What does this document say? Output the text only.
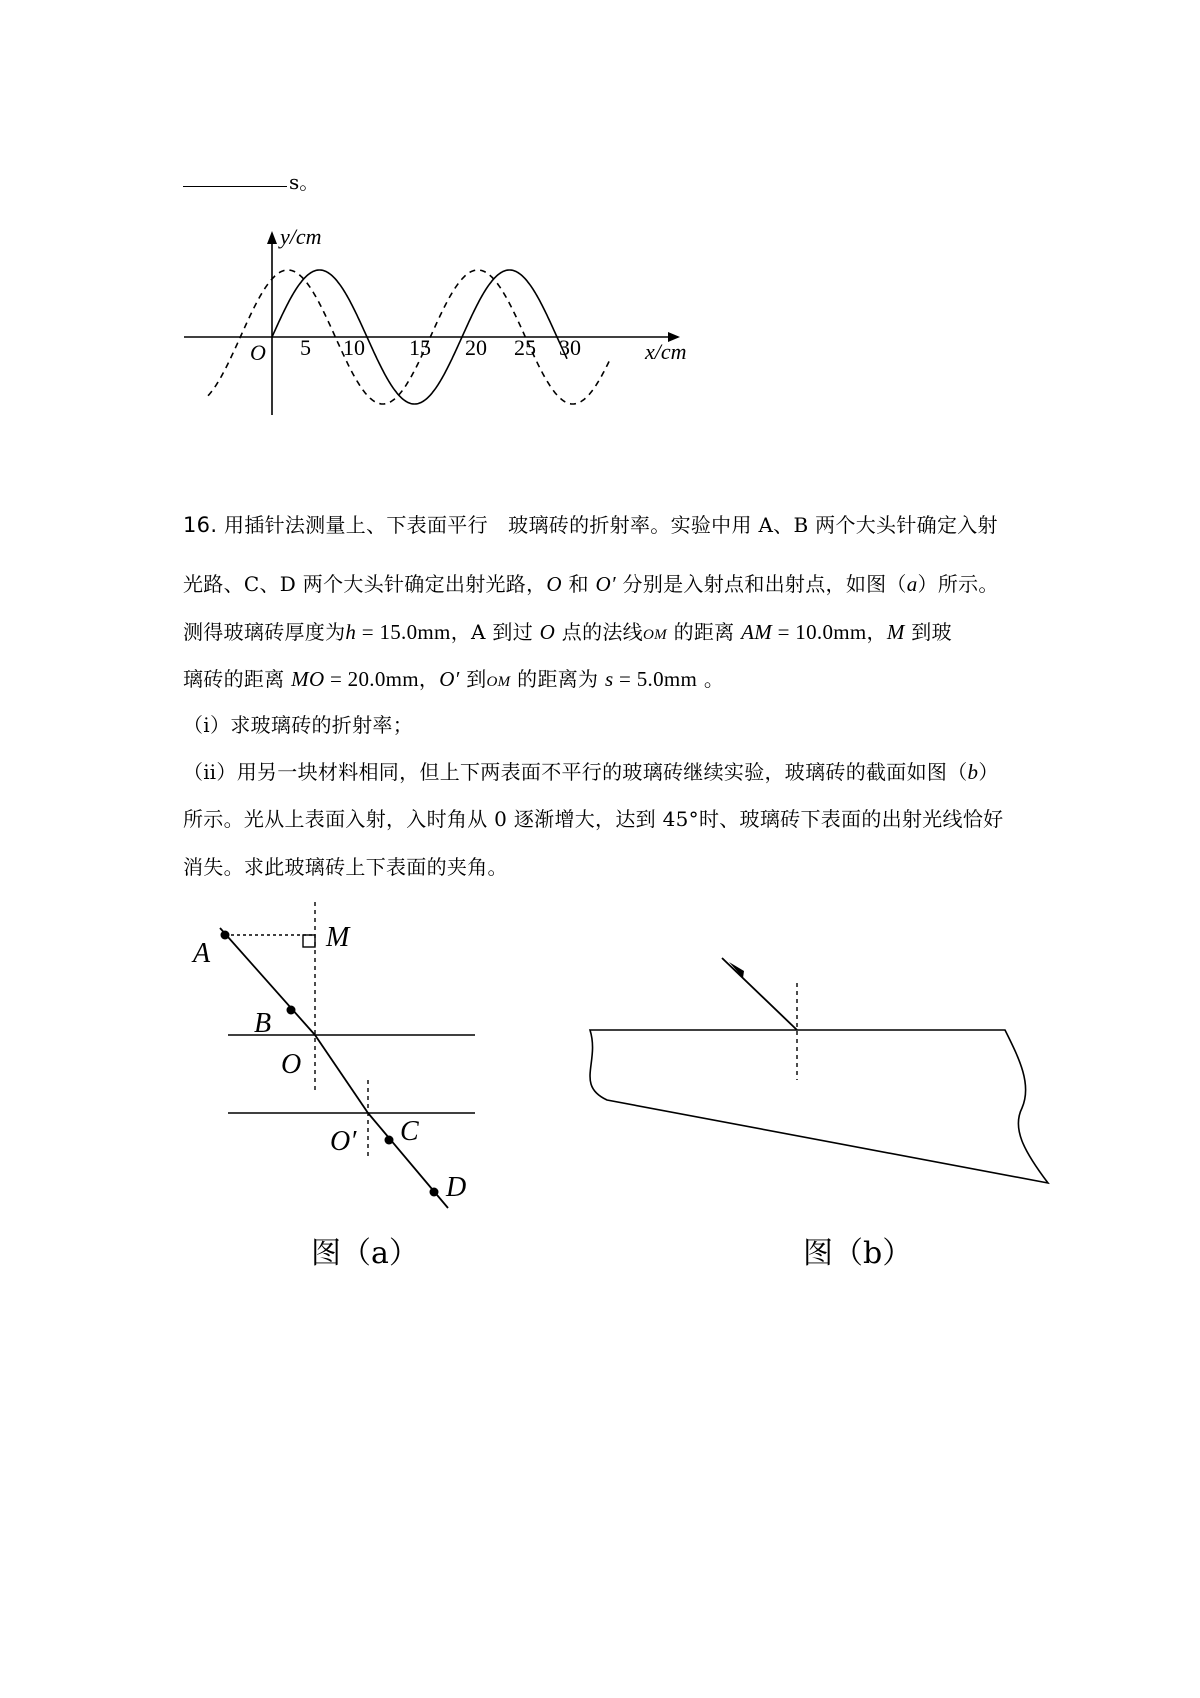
s。
y/cm
x/cm
O 5 10 15 20 25 30
16. 用插针法测量上、下表面平行　玻璃砖的折射率。实验中用 A、B 两个大头针确定入射
光路、C、D 两个大头针确定出射光路，O 和 O′ 分别是入射点和出射点，如图（a）所示。
测得玻璃砖厚度为h = 15.0mm，A 到过 O 点的法线OM 的距离 AM = 10.0mm，M 到玻
璃砖的距离 MO = 20.0mm，O′ 到OM 的距离为 s = 5.0mm 。
（ⅰ）求玻璃砖的折射率；
（ⅱ）用另一块材料相同，但上下两表面不平行的玻璃砖继续实验，玻璃砖的截面如图（b）
所示。光从上表面入射，入时角从 0 逐渐增大，达到 45°时、玻璃砖下表面的出射光线恰好
消失。求此玻璃砖上下表面的夹角。
A
M
B
O
O′ C
D
图（a）	图（b）
